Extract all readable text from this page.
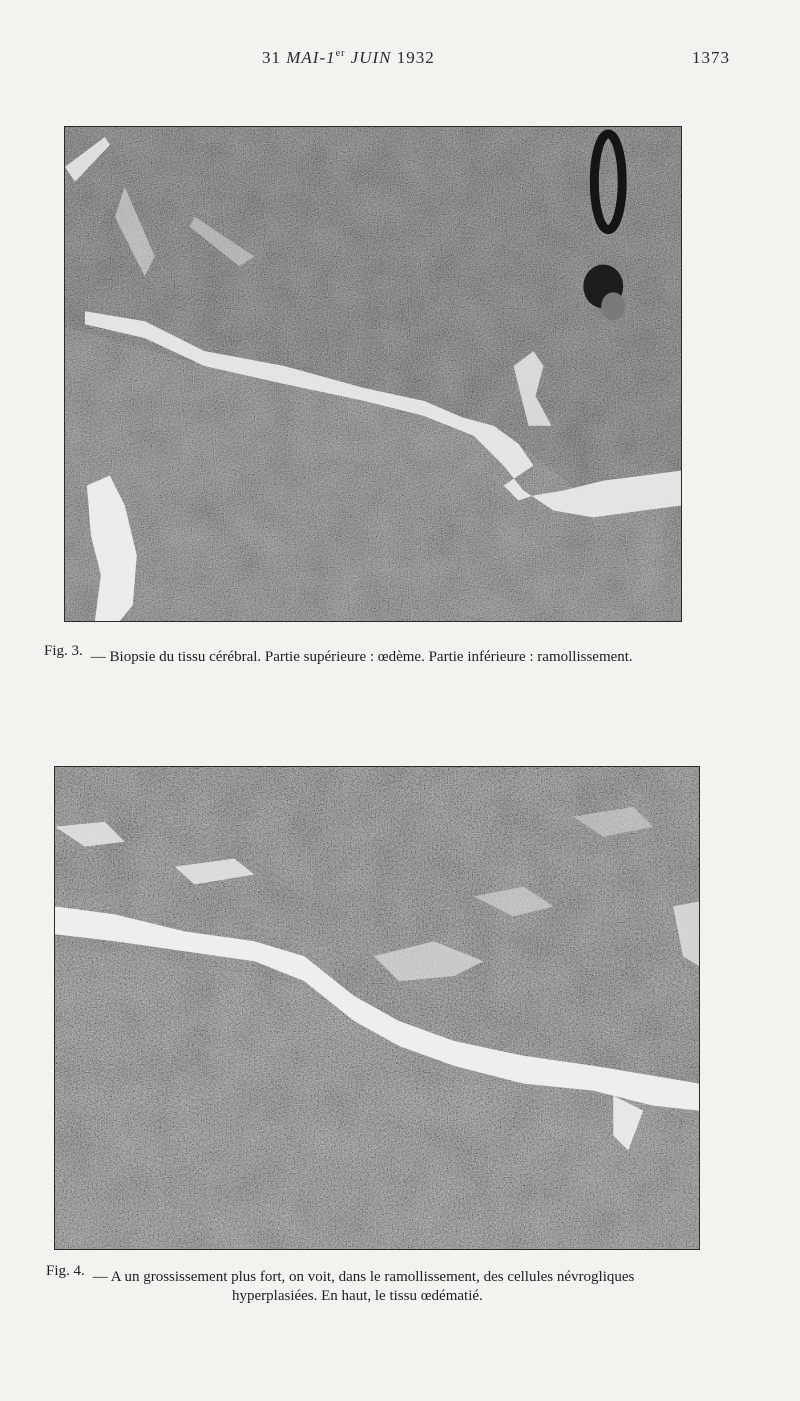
31 MAI-1er JUIN 1932	1373
Fig. 3. — Biopsie du tissu cérébral. Partie supérieure : œdème. Partie inférieure : ramollissement.
Fig. 4. — A un grossissement plus fort, on voit, dans le ramollissement, des cellules névrogliques
hyperplasiées. En haut, le tissu œdématié.
